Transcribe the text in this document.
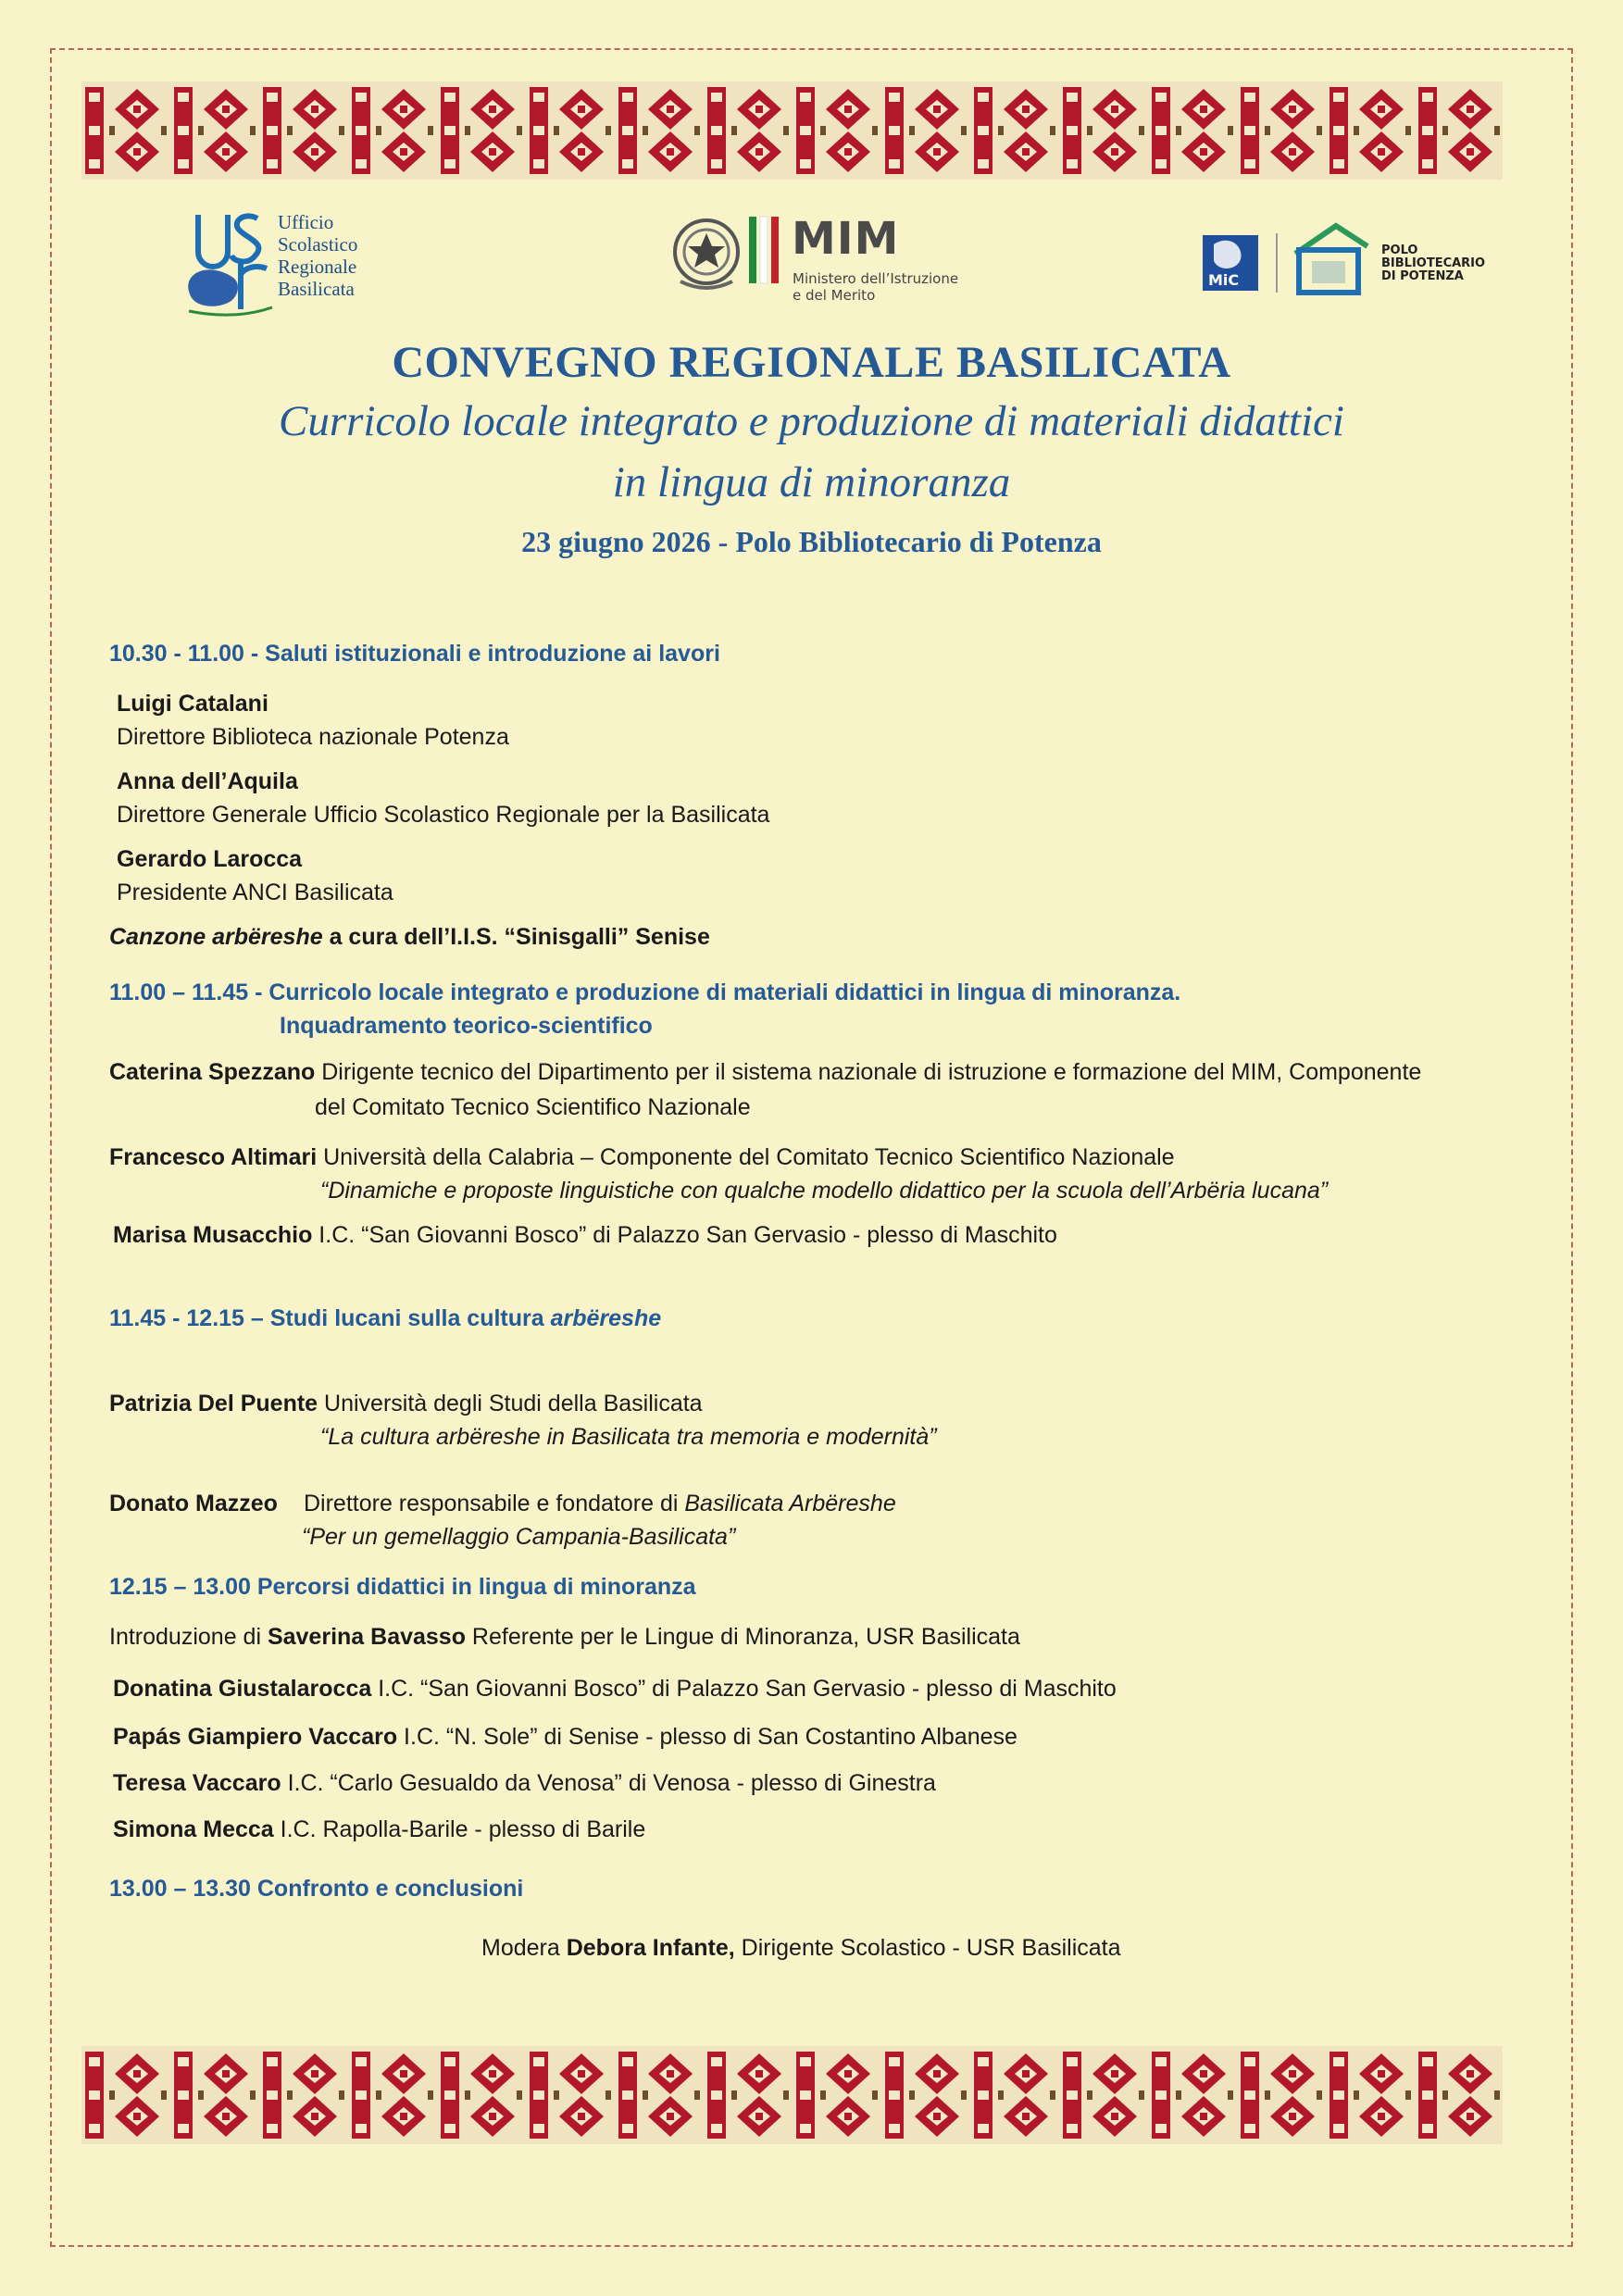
Ufficio
Scolastico
Regionale
Basilicata
MIM
Ministero dell’Istruzione
e del Merito
MiC
POLO
BIBLIOTECARIO
DI POTENZA
CONVEGNO REGIONALE BASILICATA
Curricolo locale integrato e produzione di materiali didattici
in lingua di minoranza
23 giugno 2026 - Polo Bibliotecario di Potenza
10.30 - 11.00 - Saluti istituzionali e introduzione ai lavori
Luigi Catalani
Direttore Biblioteca nazionale Potenza
Anna dell’Aquila
Direttore Generale Ufficio Scolastico Regionale per la Basilicata
Gerardo Larocca
Presidente ANCI Basilicata
Canzone arbëreshe a cura dell’I.I.S. “Sinisgalli” Senise
11.00 – 11.45 - Curricolo locale integrato e produzione di materiali didattici in lingua di minoranza.
Inquadramento teorico-scientifico
Caterina Spezzano Dirigente tecnico del Dipartimento per il sistema nazionale di istruzione e formazione del MIM, Componente
del Comitato Tecnico Scientifico Nazionale
Francesco Altimari Università della Calabria – Componente del Comitato Tecnico Scientifico Nazionale
“Dinamiche e proposte linguistiche con qualche modello didattico per la scuola dell’Arbëria lucana”
Marisa Musacchio I.C. “San Giovanni Bosco” di Palazzo San Gervasio - plesso di Maschito
11.45 - 12.15 – Studi lucani sulla cultura arbëreshe
Patrizia Del Puente Università degli Studi della Basilicata
“La cultura arbëreshe in Basilicata tra memoria e modernità”
Donato Mazzeo Direttore responsabile e fondatore di Basilicata Arbëreshe
“Per un gemellaggio Campania-Basilicata”
12.15 – 13.00 Percorsi didattici in lingua di minoranza
Introduzione di Saverina Bavasso Referente per le Lingue di Minoranza, USR Basilicata
Donatina Giustalarocca I.C. “San Giovanni Bosco” di Palazzo San Gervasio - plesso di Maschito
Papás Giampiero Vaccaro I.C. “N. Sole” di Senise - plesso di San Costantino Albanese
Teresa Vaccaro I.C. “Carlo Gesualdo da Venosa” di Venosa - plesso di Ginestra
Simona Mecca I.C. Rapolla-Barile - plesso di Barile
13.00 – 13.30 Confronto e conclusioni
Modera Debora Infante, Dirigente Scolastico - USR Basilicata
